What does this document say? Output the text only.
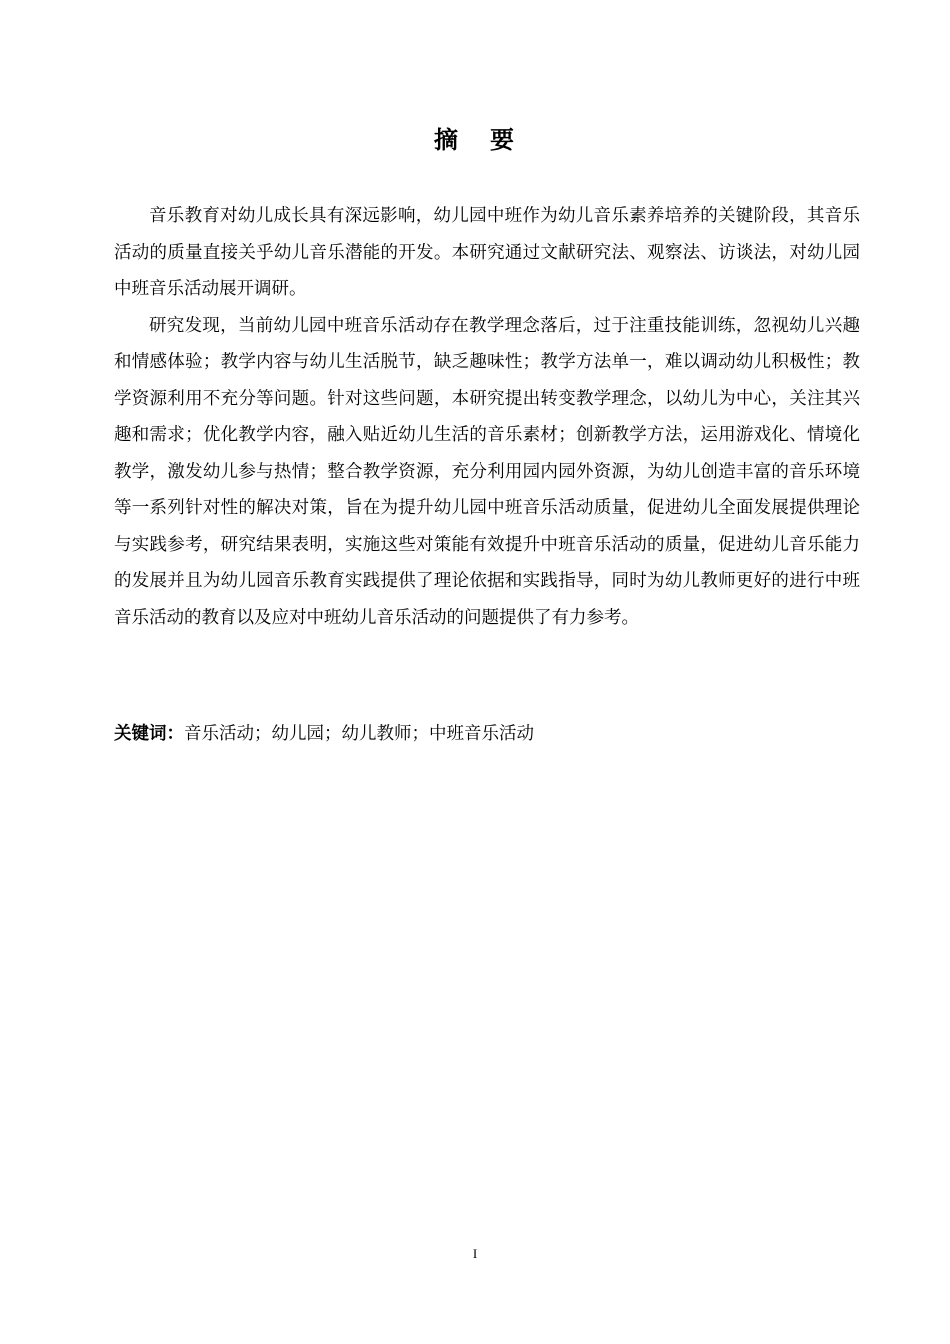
摘 要

音乐教育对幼儿成长具有深远影响，幼儿园中班作为幼儿音乐素养培养的关键阶段，其音乐活动的质量直接关乎幼儿音乐潜能的开发。本研究通过文献研究法、观察法、访谈法，对幼儿园中班音乐活动展开调研。

研究发现，当前幼儿园中班音乐活动存在教学理念落后，过于注重技能训练，忽视幼儿兴趣和情感体验；教学内容与幼儿生活脱节，缺乏趣味性；教学方法单一，难以调动幼儿积极性；教学资源利用不充分等问题。针对这些问题，本研究提出转变教学理念，以幼儿为中心，关注其兴趣和需求；优化教学内容，融入贴近幼儿生活的音乐素材；创新教学方法，运用游戏化、情境化教学，激发幼儿参与热情；整合教学资源，充分利用园内园外资源，为幼儿创造丰富的音乐环境等一系列针对性的解决对策，旨在为提升幼儿园中班音乐活动质量，促进幼儿全面发展提供理论与实践参考，研究结果表明，实施这些对策能有效提升中班音乐活动的质量，促进幼儿音乐能力的发展并且为幼儿园音乐教育实践提供了理论依据和实践指导，同时为幼儿教师更好的进行中班音乐活动的教育以及应对中班幼儿音乐活动的问题提供了有力参考。

关键词：音乐活动；幼儿园；幼儿教师；中班音乐活动
I
